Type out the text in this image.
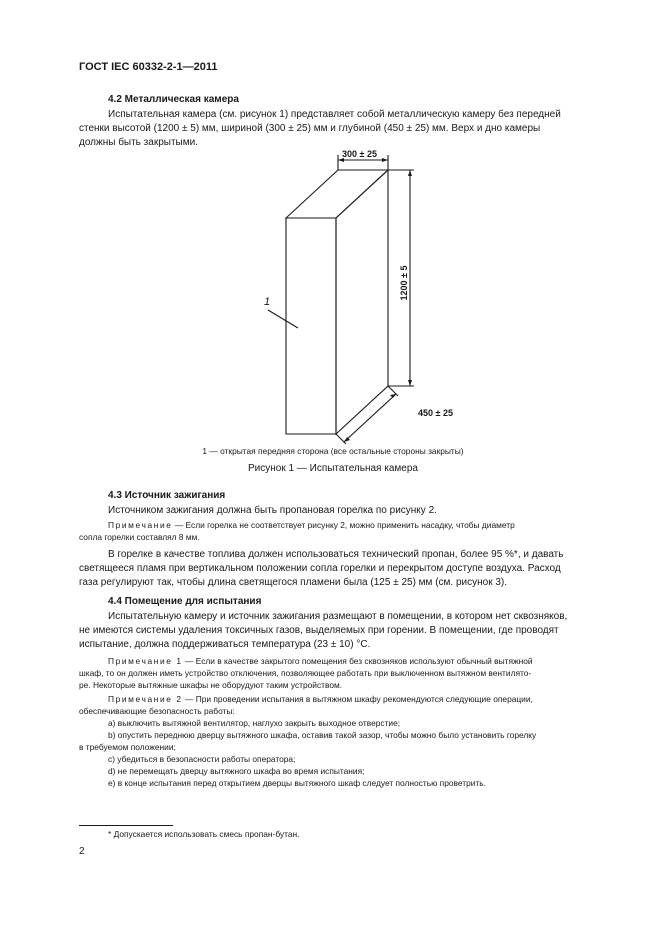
ГОСТ IEC 60332-2-1—2011
4.2 Металлическая камера
Испытательная камера (см. рисунок 1) представляет собой металлическую камеру без передней
стенки высотой (1200 ± 5) мм, шириной (300 ± 25) мм и глубиной (450 ± 25) мм. Верх и дно камеры
должны быть закрытыми.
300 ± 25
1200 ± 5
450 ± 25
1
1 — открытая передняя сторона (все остальные стороны закрыты)
Рисунок 1 — Испытательная камера
4.3 Источник зажигания
Источником зажигания должна быть пропановая горелка по рисунку 2.
Примечание — Если горелка не соответствует рисунку 2, можно применить насадку, чтобы диаметр
сопла горелки составлял 8 мм.
В горелке в качестве топлива должен использоваться технический пропан, более 95 %*, и давать
светящееся пламя при вертикальном положении сопла горелки и перекрытом доступе воздуха. Расход
газа регулируют так, чтобы длина светящегося пламени была (125 ± 25) мм (см. рисунок 3).
4.4 Помещение для испытания
Испытательную камеру и источник зажигания размещают в помещении, в котором нет сквозняков,
не имеются системы удаления токсичных газов, выделяемых при горении. В помещении, где проводят
испытание, должна поддерживаться температура (23 ± 10) °С.
Примечание 1 — Если в качестве закрытого помещения без сквозняков используют обычный вытяжной
шкаф, то он должен иметь устройство отключения, позволяющее работать при выключенном вытяжном вентилято-
ре. Некоторые вытяжные шкафы не оборудуют таким устройством.
Примечание 2 — При проведении испытания в вытяжном шкафу рекомендуются следующие операции,
обеспечивающие безопасность работы:
а) выключить вытяжной вентилятор, наглухо закрыть выходное отверстие;
b) опустить переднюю дверцу вытяжного шкафа, оставив такой зазор, чтобы можно было установить горелку
в требуемом положении;
c) убедиться в безопасности работы оператора;
d) не перемещать дверцу вытяжного шкафа во время испытания;
e) в конце испытания перед открытием дверцы вытяжного шкаф следует полностью проветрить.
* Допускается использовать смесь пропан-бутан.
2
